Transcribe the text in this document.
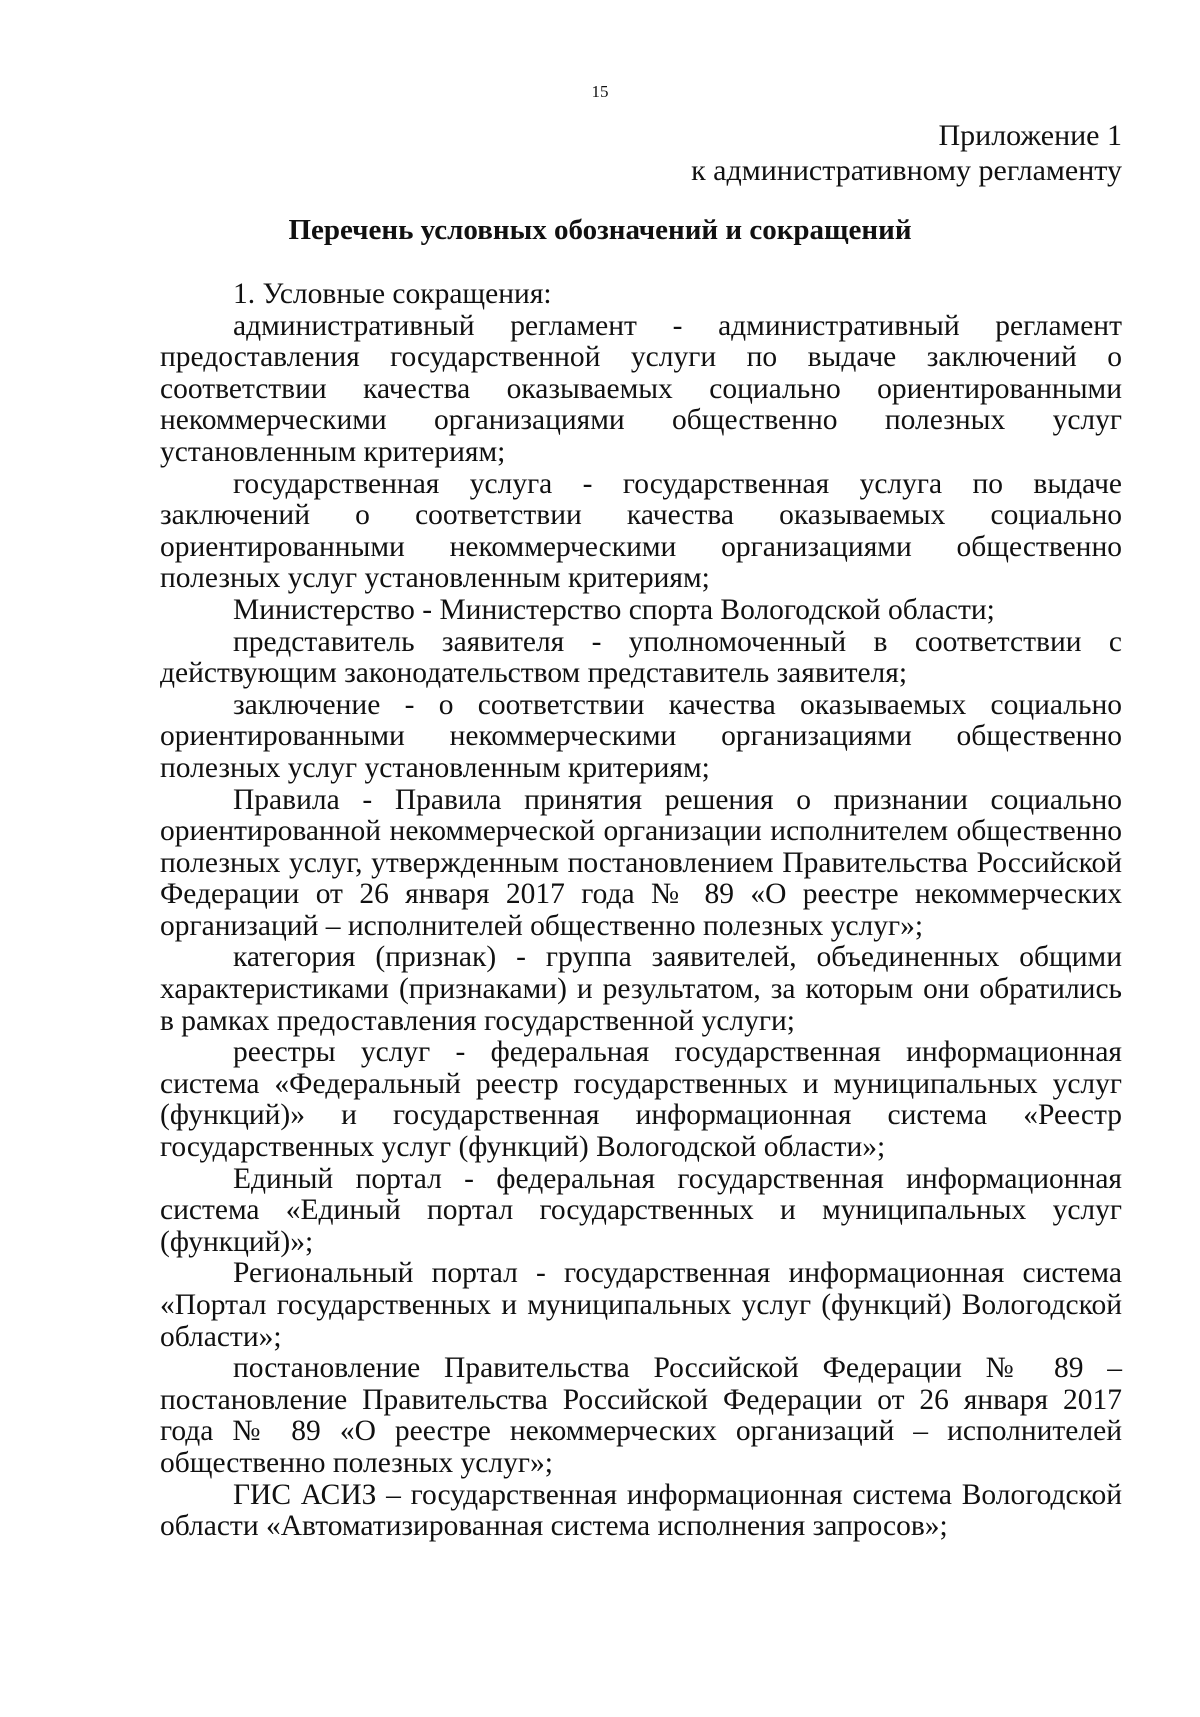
15
Приложение 1
к административному регламенту
Перечень условных обозначений и сокращений

1. Условные сокращения:

административный регламент - административный регламент предоставления государственной услуги по выдаче заключений о соответствии качества оказываемых социально ориентированными некоммерческими организациями общественно полезных услуг установленным критериям;

государственная услуга - государственная услуга по выдаче заключений о соответствии качества оказываемых социально ориентированными некоммерческими организациями общественно полезных услуг установленным критериям;

Министерство - Министерство спорта Вологодской области;

представитель заявителя - уполномоченный в соответствии с действующим законодательством представитель заявителя;

заключение - о соответствии качества оказываемых социально ориентированными некоммерческими организациями общественно полезных услуг установленным критериям;

Правила - Правила принятия решения о признании социально ориентированной некоммерческой организации исполнителем общественно полезных услуг, утвержденным постановлением Правительства Российской Федерации от 26 января 2017 года № 89 «О реестре некоммерческих организаций – исполнителей общественно полезных услуг»;

категория (признак) - группа заявителей, объединенных общими характеристиками (признаками) и результатом, за которым они обратились в рамках предоставления государственной услуги;

реестры услуг - федеральная государственная информационная система «Федеральный реестр государственных и муниципальных услуг (функций)» и государственная информационная система «Реестр государственных услуг (функций) Вологодской области»;

Единый портал - федеральная государственная информационная система «Единый портал государственных и муниципальных услуг (функций)»;

Региональный портал - государственная информационная система «Портал государственных и муниципальных услуг (функций) Вологодской области»;

постановление Правительства Российской Федерации № 89 – постановление Правительства Российской Федерации от 26 января 2017 года № 89 «О реестре некоммерческих организаций – исполнителей общественно полезных услуг»;

ГИС АСИЗ – государственная информационная система Вологодской области «Автоматизированная система исполнения запросов»;
